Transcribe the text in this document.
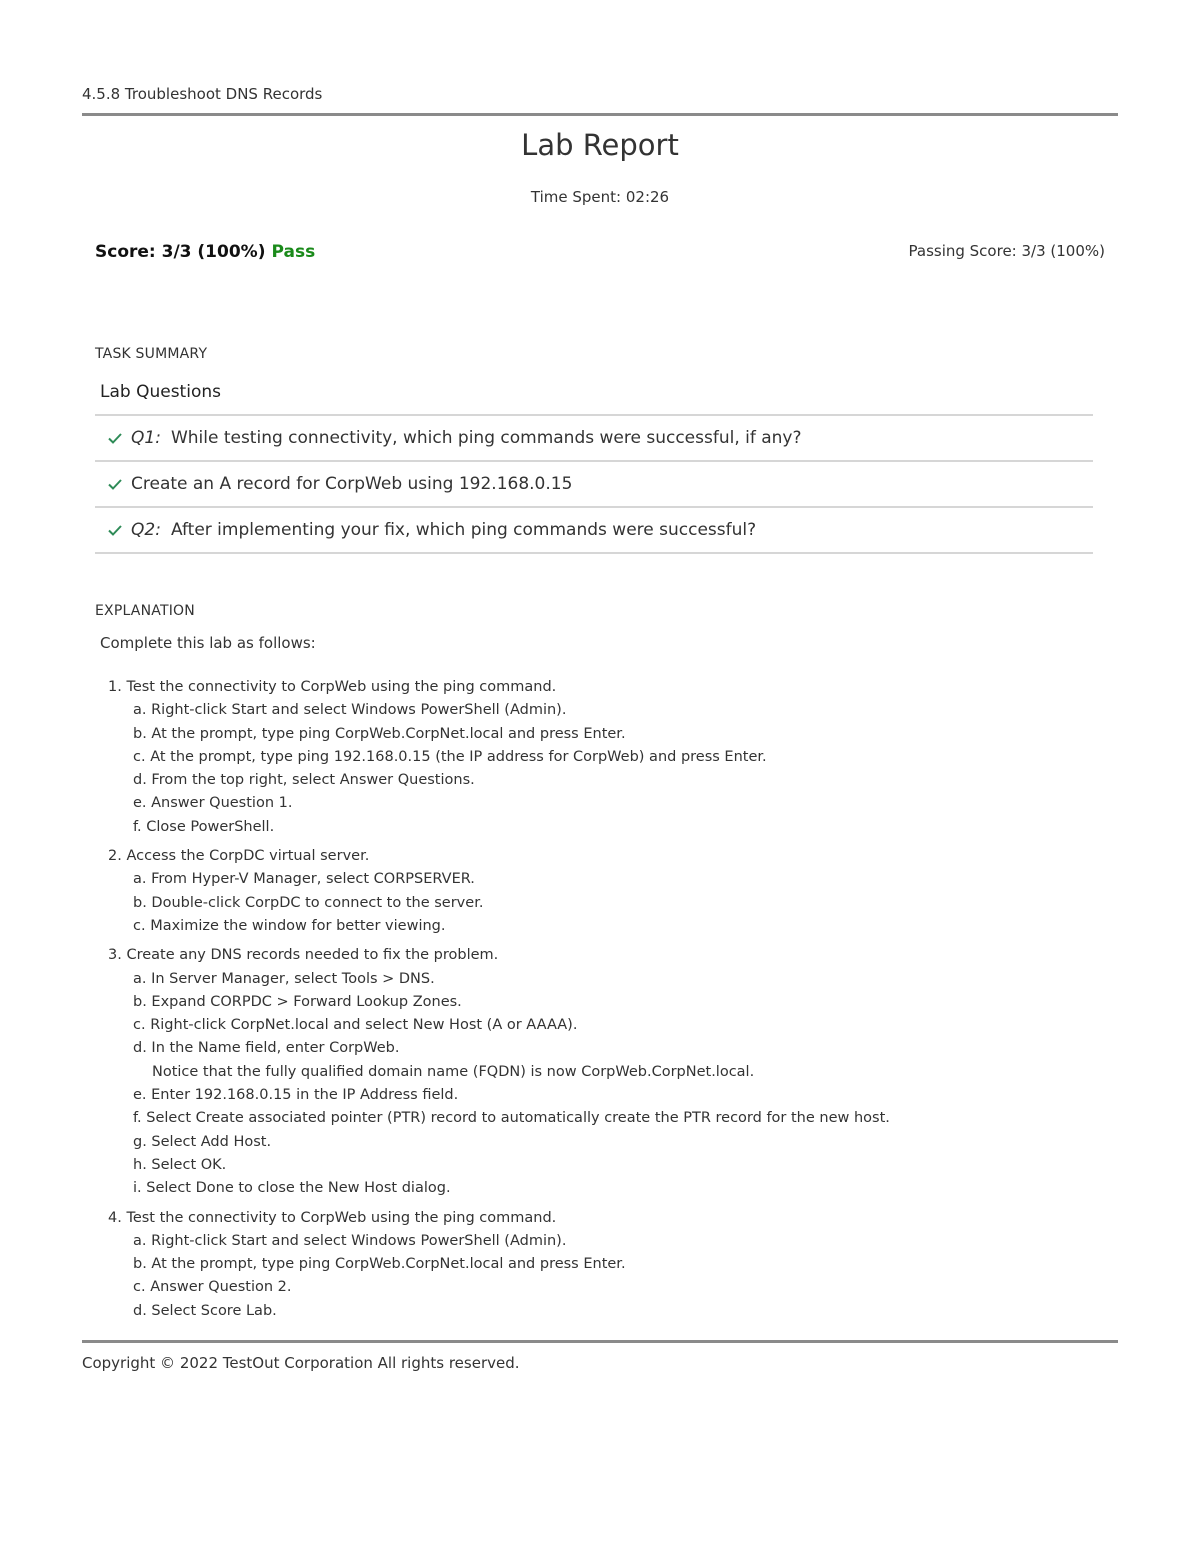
4.5.8 Troubleshoot DNS Records
Lab Report
Time Spent: 02:26
Score: 3/3 (100%) Pass	Passing Score: 3/3 (100%)
TASK SUMMARY
Lab Questions
Q1: While testing connectivity, which ping commands were successful, if any?
Create an A record for CorpWeb using 192.168.0.15
Q2: After implementing your fix, which ping commands were successful?
EXPLANATION
Complete this lab as follows:
1. Test the connectivity to CorpWeb using the ping command.
a. Right-click Start and select Windows PowerShell (Admin).
b. At the prompt, type ping CorpWeb.CorpNet.local and press Enter.
c. At the prompt, type ping 192.168.0.15 (the IP address for CorpWeb) and press Enter.
d. From the top right, select Answer Questions.
e. Answer Question 1.
f. Close PowerShell.
2. Access the CorpDC virtual server.
a. From Hyper-V Manager, select CORPSERVER.
b. Double-click CorpDC to connect to the server.
c. Maximize the window for better viewing.
3. Create any DNS records needed to fix the problem.
a. In Server Manager, select Tools > DNS.
b. Expand CORPDC > Forward Lookup Zones.
c. Right-click CorpNet.local and select New Host (A or AAAA).
d. In the Name field, enter CorpWeb.
Notice that the fully qualified domain name (FQDN) is now CorpWeb.CorpNet.local.
e. Enter 192.168.0.15 in the IP Address field.
f. Select Create associated pointer (PTR) record to automatically create the PTR record for the new host.
g. Select Add Host.
h. Select OK.
i. Select Done to close the New Host dialog.
4. Test the connectivity to CorpWeb using the ping command.
a. Right-click Start and select Windows PowerShell (Admin).
b. At the prompt, type ping CorpWeb.CorpNet.local and press Enter.
c. Answer Question 2.
d. Select Score Lab.
Copyright © 2022 TestOut Corporation All rights reserved.
